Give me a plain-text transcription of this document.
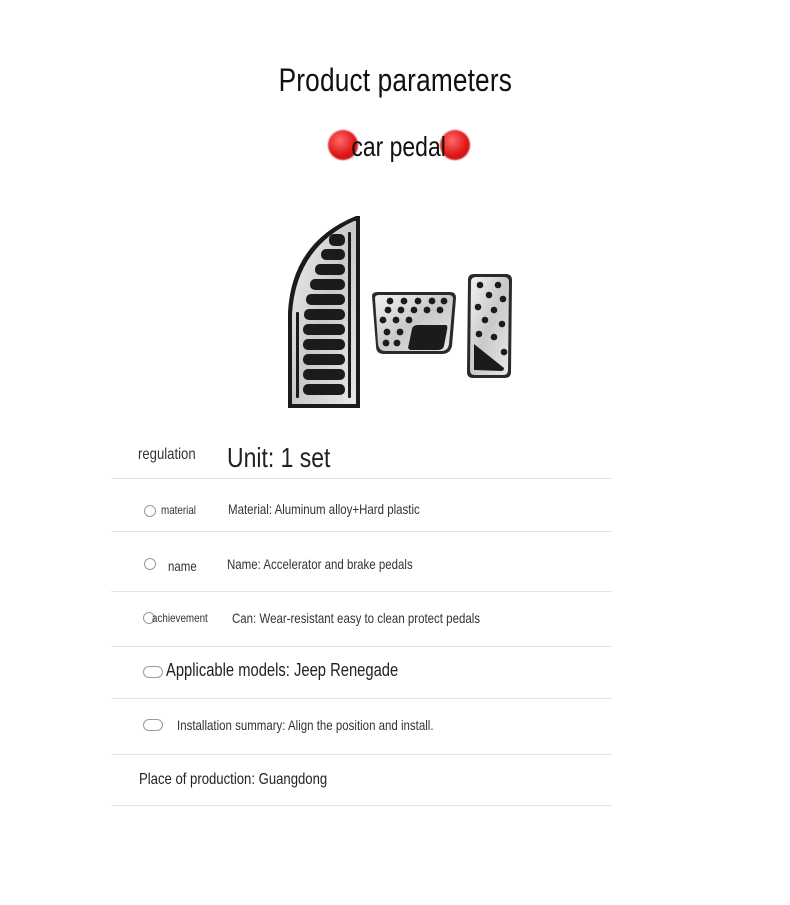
Product parameters
car pedal
regulation	Unit: 1 set
material	Material: Aluminum alloy+Hard plastic
name	Name: Accelerator and brake pedals
achievement	Can: Wear-resistant easy to clean protect pedals
Applicable models: Jeep Renegade
Installation summary: Align the position and install.
Place of production: Guangdong
